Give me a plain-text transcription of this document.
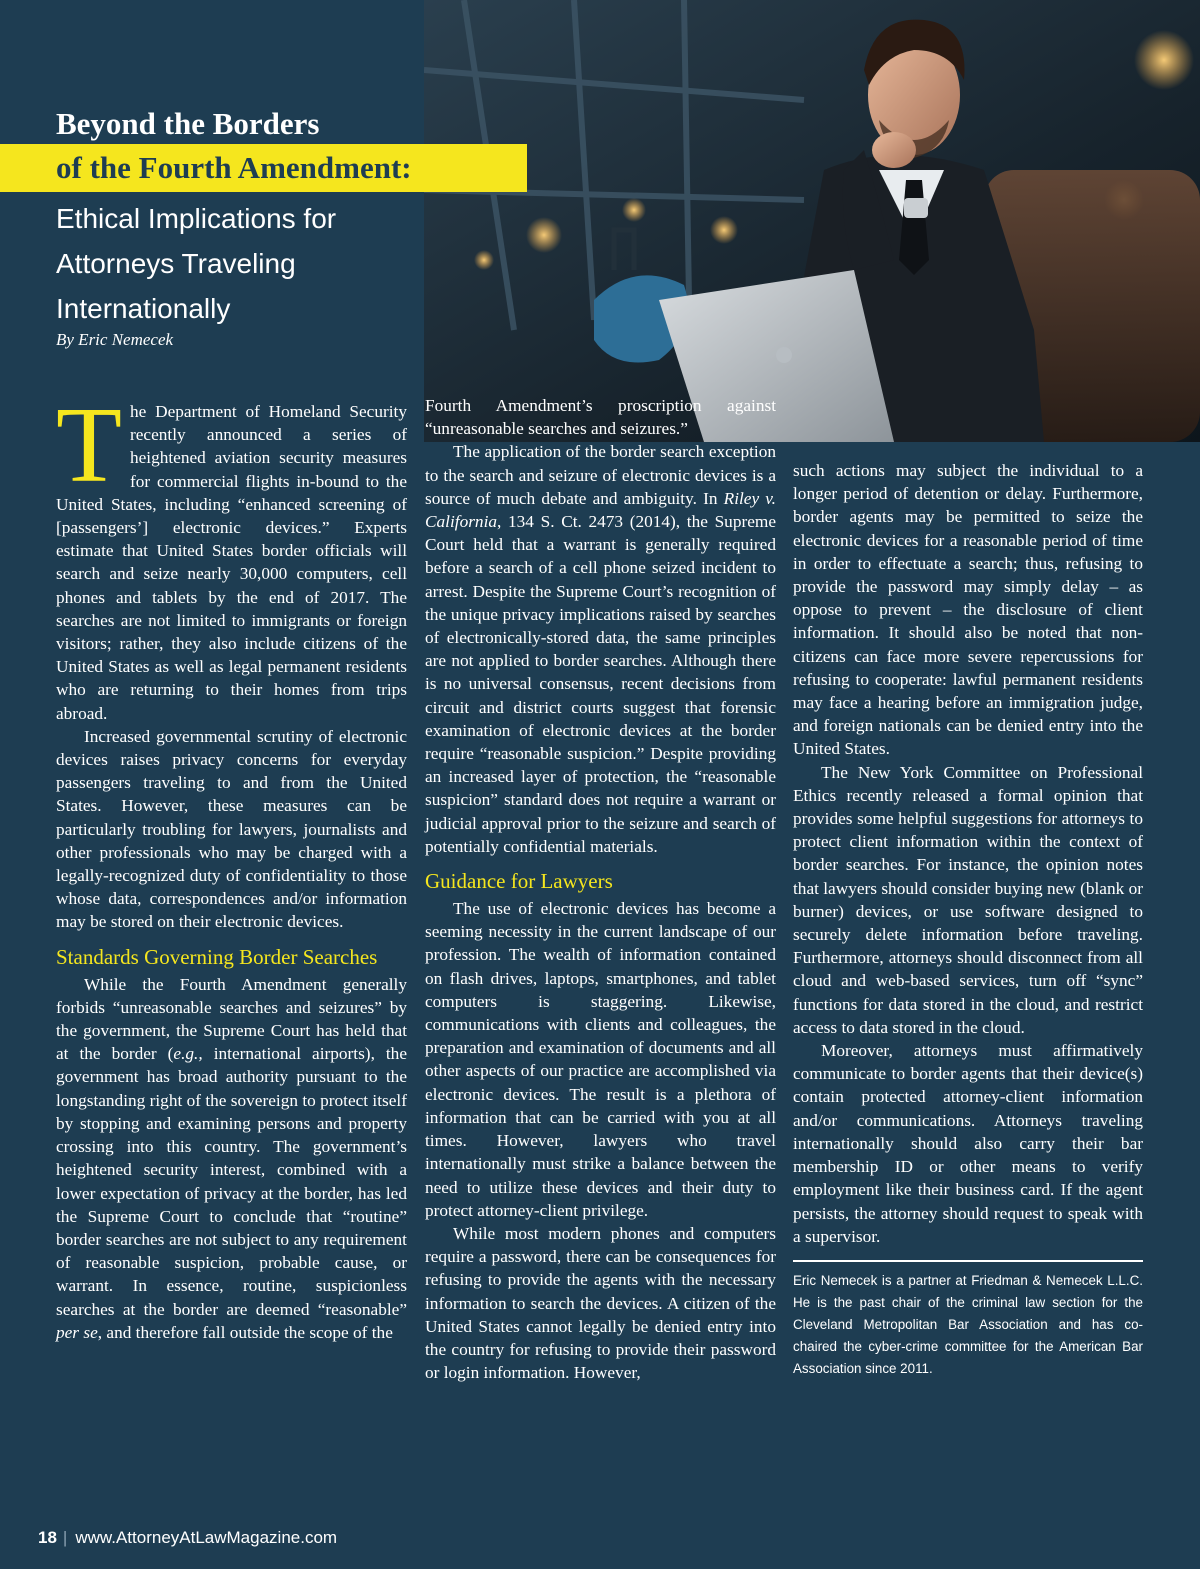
Beyond the Borders
of the Fourth Amendment:
Ethical Implications for Attorneys Traveling Internationally
By Eric Nemecek

The Department of Homeland Security recently announced a series of heightened aviation security measures for commercial flights in-bound to the United States, including “enhanced screening of [passengers’] electronic devices.” Experts estimate that United States border officials will search and seize nearly 30,000 computers, cell phones and tablets by the end of 2017. The searches are not limited to immigrants or foreign visitors; rather, they also include citizens of the United States as well as legal permanent residents who are returning to their homes from trips abroad.

Increased governmental scrutiny of electronic devices raises privacy concerns for everyday passengers traveling to and from the United States. However, these measures can be particularly troubling for lawyers, journalists and other professionals who may be charged with a legally-recognized duty of confidentiality to those whose data, correspondences and/or information may be stored on their electronic devices.

Standards Governing Border Searches

While the Fourth Amendment generally forbids “unreasonable searches and seizures” by the government, the Supreme Court has held that at the border (e.g., international airports), the government has broad authority pursuant to the longstanding right of the sovereign to protect itself by stopping and examining persons and property crossing into this country. The government’s heightened security interest, combined with a lower expectation of privacy at the border, has led the Supreme Court to conclude that “routine” border searches are not subject to any requirement of reasonable suspicion, probable cause, or warrant. In essence, routine, suspicionless searches at the border are deemed “reasonable” per se, and therefore fall outside the scope of the

Fourth Amendment’s proscription against “unreasonable searches and seizures.”

The application of the border search exception to the search and seizure of electronic devices is a source of much debate and ambiguity. In Riley v. California, 134 S. Ct. 2473 (2014), the Supreme Court held that a warrant is generally required before a search of a cell phone seized incident to arrest. Despite the Supreme Court’s recognition of the unique privacy implications raised by searches of electronically-stored data, the same principles are not applied to border searches. Although there is no universal consensus, recent decisions from circuit and district courts suggest that forensic examination of electronic devices at the border require “reasonable suspicion.” Despite providing an increased layer of protection, the “reasonable suspicion” standard does not require a warrant or judicial approval prior to the seizure and search of potentially confidential materials.

Guidance for Lawyers

The use of electronic devices has become a seeming necessity in the current landscape of our profession. The wealth of information contained on flash drives, laptops, smartphones, and tablet computers is staggering. Likewise, communications with clients and colleagues, the preparation and examination of documents and all other aspects of our practice are accomplished via electronic devices. The result is a plethora of information that can be carried with you at all times. However, lawyers who travel internationally must strike a balance between the need to utilize these devices and their duty to protect attorney-client privilege.

While most modern phones and computers require a password, there can be consequences for refusing to provide the agents with the necessary information to search the devices. A citizen of the United States cannot legally be denied entry into the country for refusing to provide their password or login information. However,

such actions may subject the individual to a longer period of detention or delay. Furthermore, border agents may be permitted to seize the electronic devices for a reasonable period of time in order to effectuate a search; thus, refusing to provide the password may simply delay – as oppose to prevent – the disclosure of client information. It should also be noted that non-citizens can face more severe repercussions for refusing to cooperate: lawful permanent residents may face a hearing before an immigration judge, and foreign nationals can be denied entry into the United States.

The New York Committee on Professional Ethics recently released a formal opinion that provides some helpful suggestions for attorneys to protect client information within the context of border searches. For instance, the opinion notes that lawyers should consider buying new (blank or burner) devices, or use software designed to securely delete information before traveling. Furthermore, attorneys should disconnect from all cloud and web-based services, turn off “sync” functions for data stored in the cloud, and restrict access to data stored in the cloud.

Moreover, attorneys must affirmatively communicate to border agents that their device(s) contain protected attorney-client information and/or communications. Attorneys traveling internationally should also carry their bar membership ID or other means to verify employment like their business card. If the agent persists, the attorney should request to speak with a supervisor.

Eric Nemecek is a partner at Friedman & Nemecek L.L.C. He is the past chair of the criminal law section for the Cleveland Metropolitan Bar Association and has co-chaired the cyber-crime committee for the American Bar Association since 2011.

18 | www.AttorneyAtLawMagazine.com
